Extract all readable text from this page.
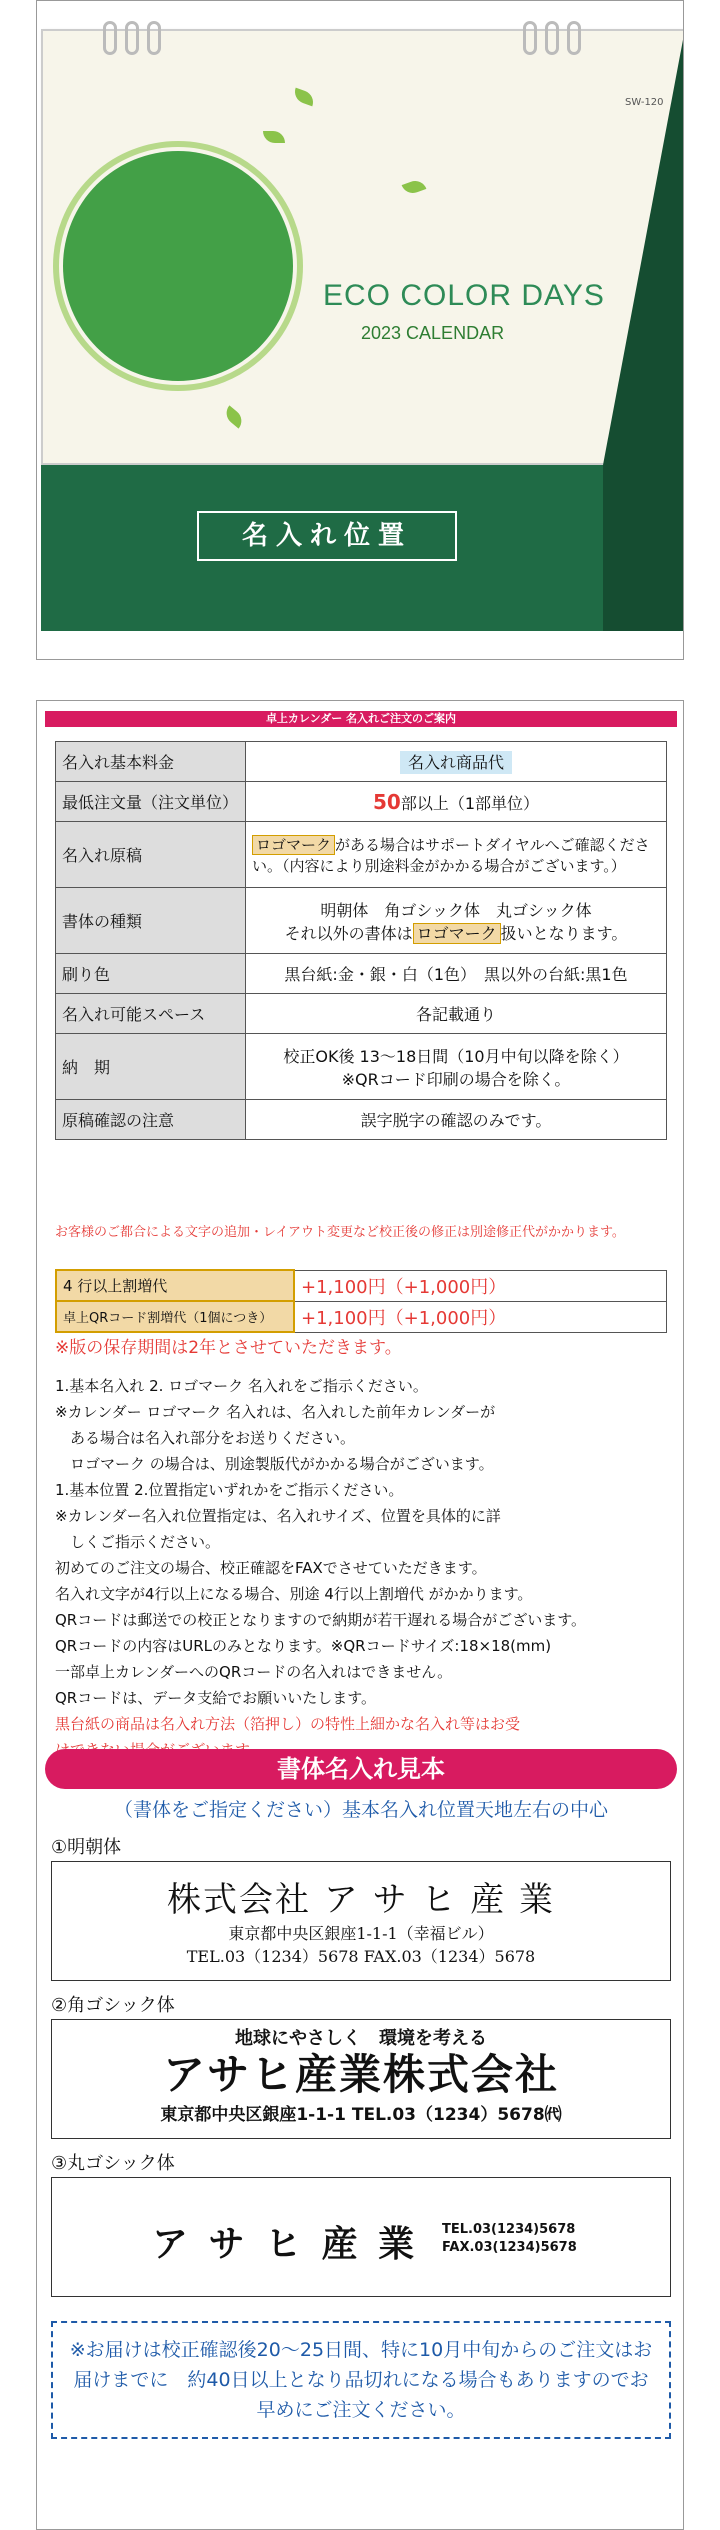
ECO COLOR DAYS
2023 CALENDAR
SW-120
名入れ位置
卓上カレンダー 名入れご注文のご案内
名入れ基本料金	名入れ商品代
最低注文量（注文単位）	50部以上（1部単位）
名入れ原稿	ロゴマーク がある場合はサポートダイヤルへご確認ください。（内容により別途料金がかかる場合がございます。）
書体の種類	明朝体　角ゴシック体　丸ゴシック体
それ以外の書体は ロゴマーク 扱いとなります。

刷り色	黒台紙:金・銀・白（1色）　黒以外の台紙:黒1色
名入れ可能スペース	各記載通り
納　期	校正OK後 13～18日間（10月中旬以降を除く）
※QRコード印刷の場合を除く。

原稿確認の注意	誤字脱字の確認のみです。
お客様のご都合による文字の追加・レイアウト変更など校正後の修正は別途修正代がかかります。
4 行以上割増代	+1,100円（+1,000円）
卓上QRコード割増代（1個につき）	+1,100円（+1,000円）
※版の保存期間は2年とさせていただきます。
1.基本名入れ 2. ロゴマーク 名入れをご指示ください。
※カレンダー ロゴマーク 名入れは、名入れした前年カレンダーが
　ある場合は名入れ部分をお送りください。
　ロゴマーク の場合は、別途製版代がかかる場合がございます。
1.基本位置 2.位置指定いずれかをご指示ください。
※カレンダー名入れ位置指定は、名入れサイズ、位置を具体的に詳
　しくご指示ください。
初めてのご注文の場合、校正確認をFAXでさせていただきます。
名入れ文字が4行以上になる場合、別途 4行以上割増代 がかかります。
QRコードは郵送での校正となりますので納期が若干遅れる場合がございます。
QRコードの内容はURLのみとなります。※QRコードサイズ:18×18(mm)
一部卓上カレンダーへのQRコードの名入れはできません。
QRコードは、データ支給でお願いいたします。
黒台紙の商品は名入れ方法（箔押し）の特性上細かな名入れ等はお受
書体名入れ見本
（書体をご指定ください）基本名入れ位置天地左右の中心
①明朝体
株式会社 ア サ ヒ 産 業
東京都中央区銀座1-1-1（幸福ビル）
TEL.03（1234）5678 FAX.03（1234）5678
②角ゴシック体
地球にやさしく　環境を考える
アサヒ産業株式会社
東京都中央区銀座1-1-1 TEL.03（1234）5678㈹
③丸ゴシック体
ア サ ヒ 産 業 TEL.03(1234)5678
FAX.03(1234)5678
※お届けは校正確認後20～25日間、特に10月中旬からのご注文はお届けまでに　約40日以上となり品切れになる場合もありますのでお早めにご注文ください。
